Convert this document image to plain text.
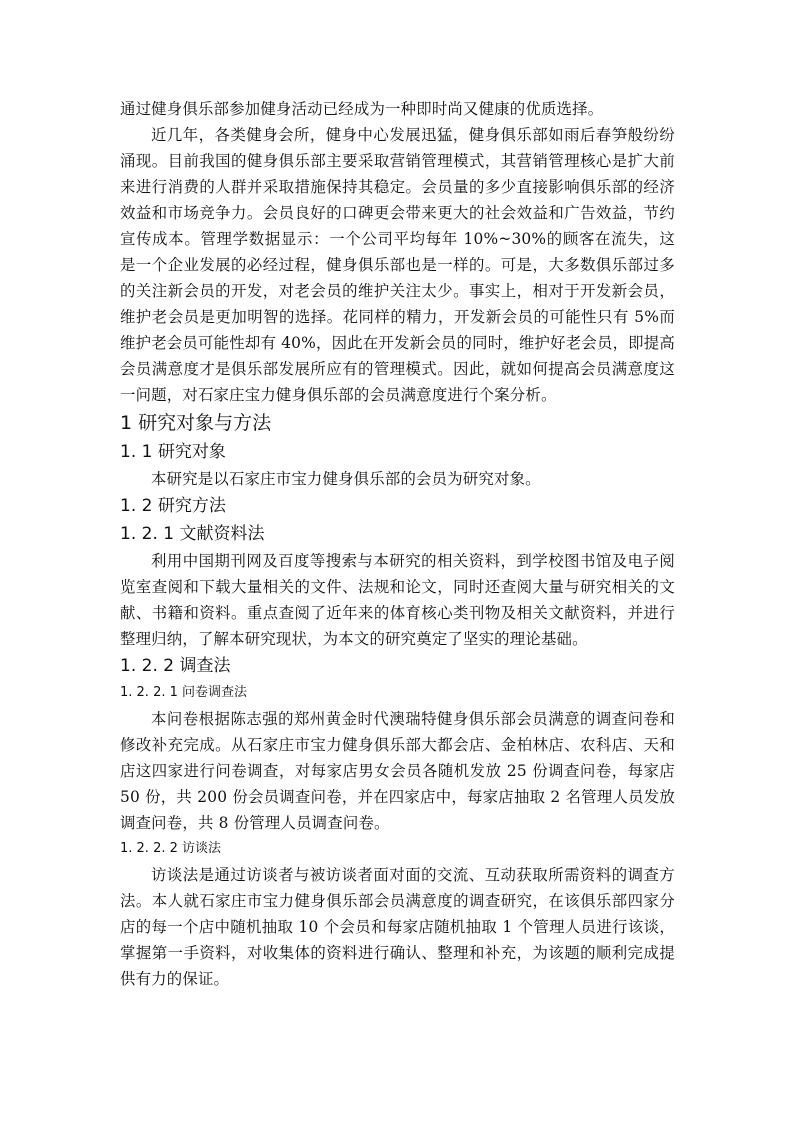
通过健身俱乐部参加健身活动已经成为一种即时尚又健康的优质选择。

近几年，各类健身会所，健身中心发展迅猛，健身俱乐部如雨后春笋般纷纷涌现。目前我国的健身俱乐部主要采取营销管理模式，其营销管理核心是扩大前来进行消费的人群并采取措施保持其稳定。会员量的多少直接影响俱乐部的经济效益和市场竞争力。会员良好的口碑更会带来更大的社会效益和广告效益，节约宣传成本。管理学数据显示：一个公司平均每年 10%~30%的顾客在流失，这是一个企业发展的必经过程，健身俱乐部也是一样的。可是，大多数俱乐部过多的关注新会员的开发，对老会员的维护关注太少。事实上，相对于开发新会员，维护老会员是更加明智的选择。花同样的精力，开发新会员的可能性只有 5%而维护老会员可能性却有 40%，因此在开发新会员的同时，维护好老会员，即提高会员满意度才是俱乐部发展所应有的管理模式。因此，就如何提高会员满意度这一问题，对石家庄宝力健身俱乐部的会员满意度进行个案分析。

1 研究对象与方法
1. 1 研究对象

本研究是以石家庄市宝力健身俱乐部的会员为研究对象。

1. 2 研究方法
1. 2. 1 文献资料法

利用中国期刊网及百度等搜索与本研究的相关资料，到学校图书馆及电子阅览室查阅和下载大量相关的文件、法规和论文，同时还查阅大量与研究相关的文献、书籍和资料。重点查阅了近年来的体育核心类刊物及相关文献资料，并进行整理归纳，了解本研究现状，为本文的研究奠定了坚实的理论基础。

1. 2. 2 调查法
1. 2. 2. 1 问卷调查法

本问卷根据陈志强的郑州黄金时代澳瑞特健身俱乐部会员满意的调查问卷和修改补充完成。从石家庄市宝力健身俱乐部大都会店、金柏林店、农科店、天和店这四家进行问卷调查，对每家店男女会员各随机发放 25 份调查问卷，每家店 50 份，共 200 份会员调查问卷，并在四家店中，每家店抽取 2 名管理人员发放调查问卷，共 8 份管理人员调查问卷。

1. 2. 2. 2 访谈法

访谈法是通过访谈者与被访谈者面对面的交流、互动获取所需资料的调查方法。本人就石家庄市宝力健身俱乐部会员满意度的调查研究，在该俱乐部四家分店的每一个店中随机抽取 10 个会员和每家店随机抽取 1 个管理人员进行该谈，掌握第一手资料，对收集体的资料进行确认、整理和补充，为该题的顺利完成提供有力的保证。
